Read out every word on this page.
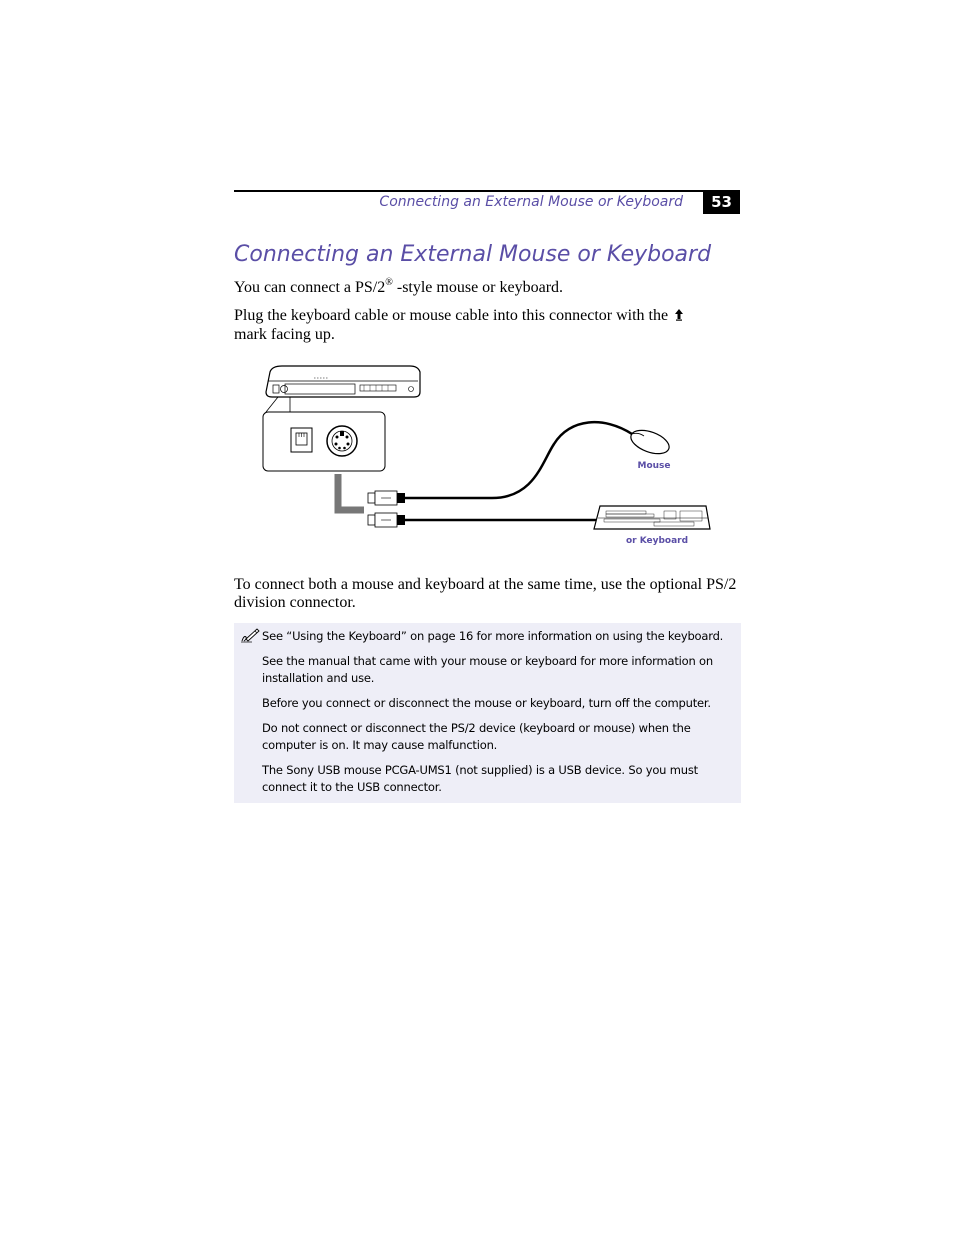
Connecting an External Mouse or Keyboard	53
Connecting an External Mouse or Keyboard
You can connect a PS/2® -style mouse or keyboard.
Plug the keyboard cable or mouse cable into this connector with the  mark facing up.
Mouse
or Keyboard
To connect both a mouse and keyboard at the same time, use the optional PS/2 division connector.

See “Using the Keyboard” on page 16 for more information on using the keyboard.

See the manual that came with your mouse or keyboard for more information on installation and use.

Before you connect or disconnect the mouse or keyboard, turn off the computer.

Do not connect or disconnect the PS/2 device (keyboard or mouse) when the computer is on. It may cause malfunction.

The Sony USB mouse PCGA-UMS1 (not supplied) is a USB device. So you must connect it to the USB connector.
